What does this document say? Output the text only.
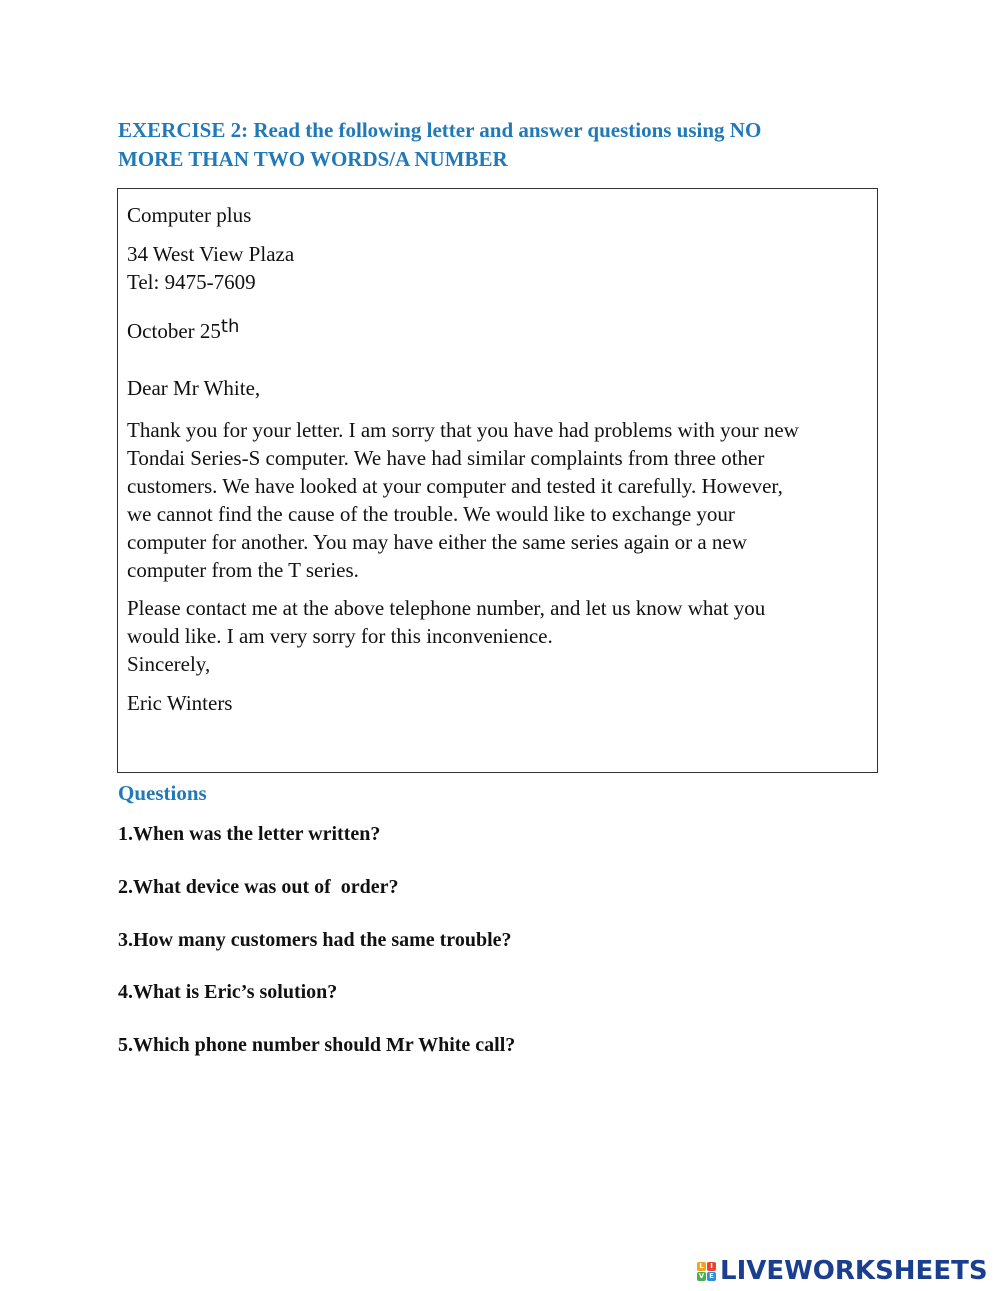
EXERCISE 2: Read the following letter and answer questions using NO
MORE THAN TWO WORDS/A NUMBER
Computer plus
34 West View Plaza
Tel: 9475-7609
October 25th
Dear Mr White,
Thank you for your letter. I am sorry that you have had problems with your new
Tondai Series-S computer. We have had similar complaints from three other
customers. We have looked at your computer and tested it carefully. However,
we cannot find the cause of the trouble. We would like to exchange your
computer for another. You may have either the same series again or a new
computer from the T series.
Please contact me at the above telephone number, and let us know what you
would like. I am very sorry for this inconvenience.
Sincerely,
Eric Winters
Questions
1.When was the letter written?
2.What device was out of  order?
3.How many customers had the same trouble?
4.What is Eric’s solution?
5.Which phone number should Mr White call?
L I
V E LIVEWORKSHEETS
